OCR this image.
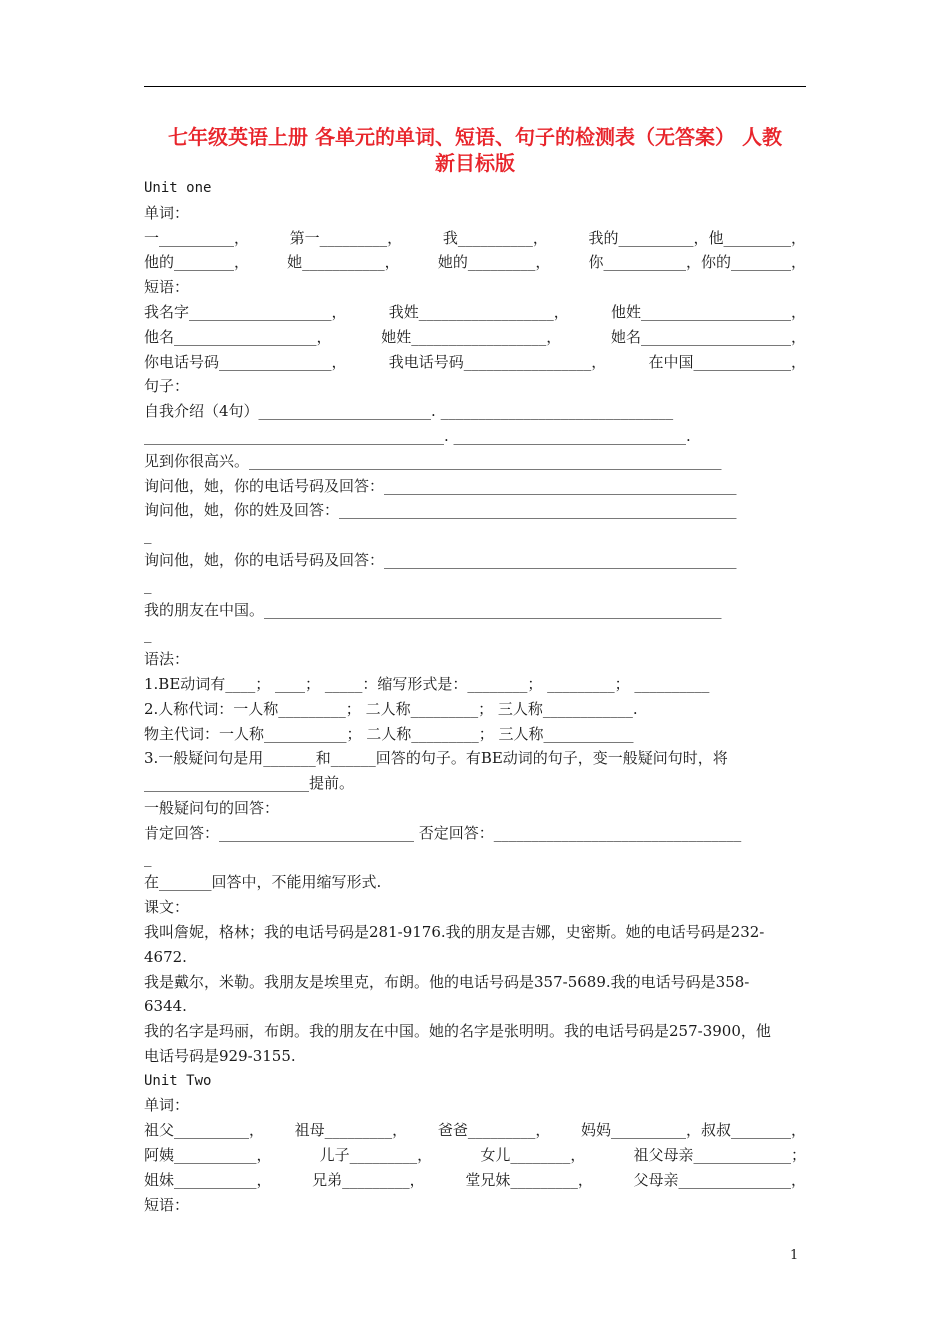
七年级英语上册 各单元的单词、短语、句子的检测表（无答案） 人教
新目标版
Unit one
单词：
一__________，	第一_________，	我__________，	我的__________，他_________，
他的________，	她___________，	她的_________，	你___________，你的________，
短语：
我名字___________________，	我姓__________________，	他姓____________________，
他名___________________，	她姓__________________，	她名____________________，
你电话号码_______________，	我电话号码_________________，	在中国_____________，
句子：
自我介绍（4句）_______________________. _______________________________
________________________________________. _______________________________.
见到你很高兴。_______________________________________________________________
询问他，她，你的电话号码及回答：_______________________________________________
询问他，她，你的姓及回答：_____________________________________________________
_
询问他，她，你的电话号码及回答：_______________________________________________
_
我的朋友在中国。_____________________________________________________________
_
语法：
1.BE动词有____； ____； _____：缩写形式是：________； _________； __________
2.人称代词：一人称_________； 二人称_________； 三人称____________.
物主代词：一人称___________； 二人称_________； 三人称____________
3.一般疑问句是用_______和______回答的句子。有BE动词的句子，变一般疑问句时，将
______________________提前。
一般疑问句的回答：
肯定回答：__________________________ 否定回答：_________________________________
_
在_______回答中，不能用缩写形式.
课文：
我叫詹妮，格林；我的电话号码是281-9176.我的朋友是吉娜，史密斯。她的电话号码是232-
4672.
我是戴尔，米勒。我朋友是埃里克，布朗。他的电话号码是357-5689.我的电话号码是358-
6344.
我的名字是玛丽，布朗。我的朋友在中国。她的名字是张明明。我的电话号码是257-3900，他
电话号码是929-3155.
Unit Two
单词：
祖父__________， 祖母_________， 爸爸_________， 妈妈__________，叔叔________，
阿姨___________，	儿子_________，	女儿________，	祖父母亲_____________；
姐妹___________，	兄弟_________，	堂兄妹_________，	父母亲_______________，
短语：
1
